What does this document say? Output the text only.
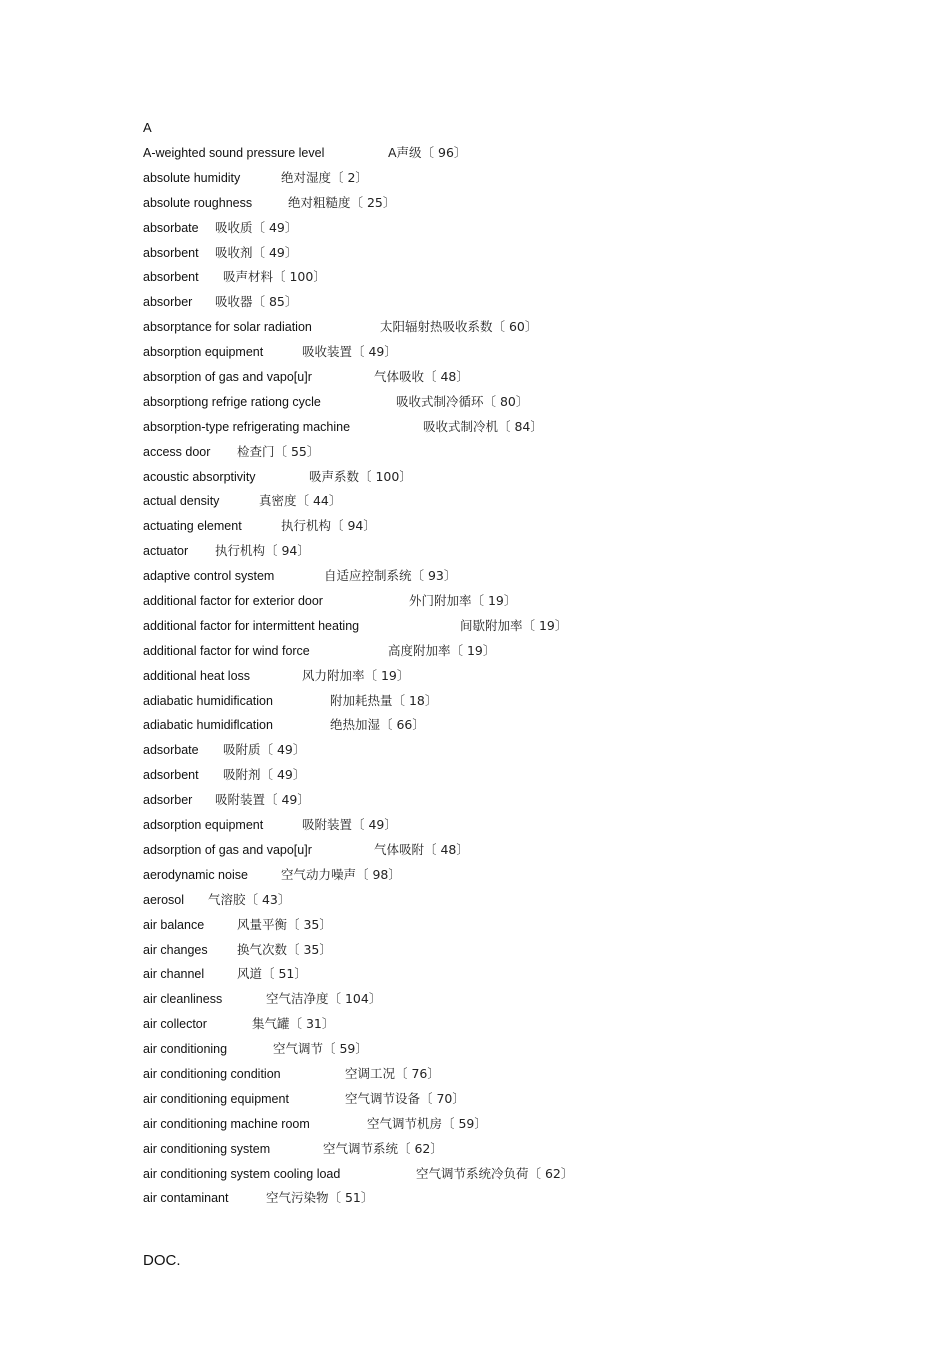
A
A-weighted sound pressure level	A声级〔 96〕
absolute humidity	绝对湿度〔 2〕
absolute roughness	绝对粗糙度〔 25〕
absorbate 吸收质〔 49〕
absorbent 吸收剂〔 49〕
absorbent 吸声材料〔 100〕
absorber 吸收器〔 85〕
absorptance for solar radiation	太阳辐射热吸收系数〔 60〕
absorption equipment	吸收装置〔 49〕
absorption of gas and vapo[u]r	气体吸收〔 48〕
absorptiong refrige rationg cycle	吸收式制冷循环〔 80〕
absorption-type refrigerating machine	吸收式制冷机〔 84〕
access door 检查门〔 55〕
acoustic absorptivity	吸声系数〔 100〕
actual density	真密度〔 44〕
actuating element	执行机构〔 94〕
actuator 执行机构〔 94〕
adaptive control system	自适应控制系统〔 93〕
additional factor for exterior door	外门附加率〔 19〕
additional factor for intermittent heating	间歇附加率〔 19〕
additional factor for wind force	高度附加率〔 19〕
additional heat loss	风力附加率〔 19〕
adiabatic humidification	附加耗热量〔 18〕
adiabatic humidiflcation	绝热加湿〔 66〕
adsorbate 吸附质〔 49〕
adsorbent 吸附剂〔 49〕
adsorber 吸附装置〔 49〕
adsorption equipment	吸附装置〔 49〕
adsorption of gas and vapo[u]r	气体吸附〔 48〕
aerodynamic noise	空气动力噪声〔 98〕
aerosol 气溶胶〔 43〕
air balance	风量平衡〔 35〕
air changes 换气次数〔 35〕
air channel	风道〔 51〕
air cleanliness	空气洁净度〔 104〕
air collector	集气罐〔 31〕
air conditioning	空气调节〔 59〕
air conditioning condition	空调工况〔 76〕
air conditioning equipment	空气调节设备〔 70〕
air conditioning machine room	空气调节机房〔 59〕
air conditioning system	空气调节系统〔 62〕
air conditioning system cooling load	空气调节系统冷负荷〔 62〕
air contaminant	空气污染物〔 51〕
DOC.
